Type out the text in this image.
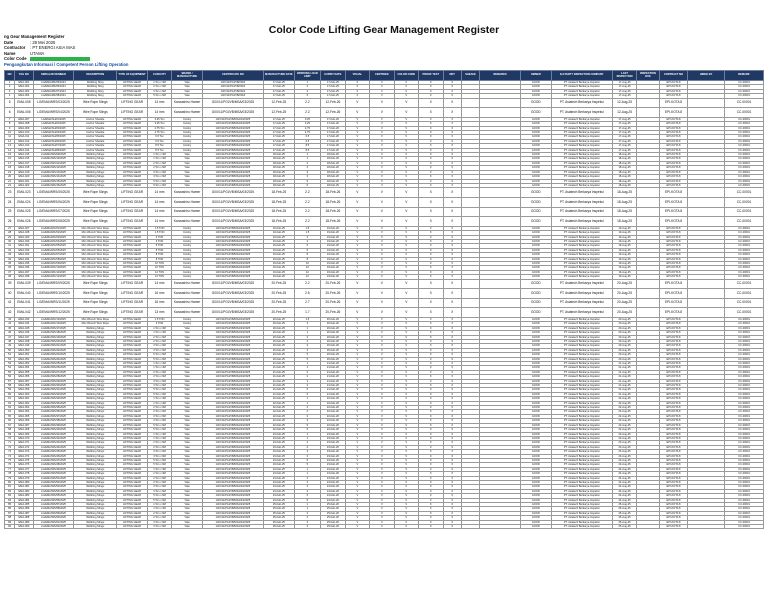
Color Code Lifting Gear Management Register
ng Gear Management Register
Date	: 28 Mei 2025
Contractor Name
: PT ENERGI ASIA MAS UTAMA
Color Code
Pengangkutan Informasi / Competent Person Lifting Operation
NO	TAG NO	SERIAL/ID NUMBER	DESCRIPTION	TYPE OF EQUIPMENT	CAPACITY	BRAND / MANUFACTURE	CERTIFICATE NO	MANUFACTURE DATE	WORKING LOAD LIMIT	EXPIRY DATE	VISUAL	CERTIFIED	COLOR CODE	PROOF TEST	NDT	SHEAVE	REMARKS	OWNER	3rd PARTY INSPECTION COMPANY	LAST INSPECTION	INSPECTION DUE	CONTRACT NO	HIRED BY	REMARK
1	EMA-001	LG/EMA/MK/05/2024	Webbing Sling	LIFTING GEAR	1 Ton x 3M	Yoke	G0X/11/PGI/VB/2024	17-Feb-25	1	17-Feb-25	X	V	V	X	X			GOOD	PT. Asiatech Berkarya Inspeksi	17-Aug-25		EPI-KOTA 8		CC-00001
2	EMA-002	LG/EMA/MK/06/2024	Webbing Sling	LIFTING GEAR	2 Ton x 6M	Yoke	G0X/11/PGI/VB/2024	17-Feb-25	2	17-Feb-25	X	V	V	X	X			GOOD	PT. Asiatech Berkarya Inspeksi	17-Aug-25		EPI-KOTA 8		CC-00001
3	EMA-003	LG/EMA/MK/07/2024	Webbing Sling	LIFTING GEAR	3 Ton x 6M	Yoke	G0X/11/PGI/VB/2024	17-Feb-25	3	17-Feb-25	X	V	V	X	X			GOOD	PT. Asiatech Berkarya Inspeksi	17-Aug-25		EPI-KOTA 8		CC-00001
4	EMA-004	LG/EMA/MK/08/2024	Webbing Sling	LIFTING GEAR	5 Ton x 6M	Yoke	G0X/11/PGI/VB/2024	17-Feb-25	5	17-Feb-25	X	V	V	X	X			GOOD	PT. Asiatech Berkarya Inspeksi	17-Aug-25		EPI-KOTA 8		CC-00001
5	EMA-005	LG/EMA/WRS/03/2025	Wire Rope Slings	LIFTING GEAR	14 mm	Kanzashiro Hamer	G0X/11/PGI/VB/MSA/03/2025	12-Feb-25	2.2	12-Feb-26	V	V	V	X	X			GOOD	PT. Asiatech Berkarya Inspeksi	12-Aug-25		EPI-KOTA 8		CC-00001
6	EMA-006	LG/EMA/WRS/04/2025	Wire Rope Slings	LIFTING GEAR	14 mm	Kanzashiro Hamer	G0X/11/PGI/VB/MSA/03/2025	12-Feb-25	2.2	12-Feb-26	V	V	V	X	X			GOOD	PT. Asiatech Berkarya Inspeksi	12-Aug-25		EPI-KOTA 8		CC-00001
7	EMA-007	LG/EMA/SH/01/2025	Anchor Shackle	LIFTING GEAR	3.25 Ton	Crosby	G0X/11/PGI/VB/MSA/03/2025	17-Feb-25	3.25	17-Feb-26	V	V	V	X	X			GOOD	PT. Asiatech Berkarya Inspeksi	17-Aug-25		EPI-KOTA 8		CC-00001
8	EMA-008	LG/EMA/SH/02/2025	Anchor Shackle	LIFTING GEAR	3.25 Ton	Crosby	G0X/11/PGI/VB/MSA/03/2025	17-Feb-25	3.25	17-Feb-26	V	V	V	X	X			GOOD	PT. Asiatech Berkarya Inspeksi	17-Aug-25		EPI-KOTA 8		CC-00001
9	EMA-009	LG/EMA/SH/03/2025	Anchor Shackle	LIFTING GEAR	4.75 Ton	Crosby	G0X/11/PGI/VB/MSA/03/2025	17-Feb-25	4.75	17-Feb-26	V	V	V	X	X			GOOD	PT. Asiatech Berkarya Inspeksi	17-Aug-25		EPI-KOTA 8		CC-00001
10	EMA-010	LG/EMA/SH/04/2025	Anchor Shackle	LIFTING GEAR	4.75 Ton	Crosby	G0X/11/PGI/VB/MSA/03/2025	17-Feb-25	4.75	17-Feb-26	V	V	V	X	X			GOOD	PT. Asiatech Berkarya Inspeksi	17-Aug-25		EPI-KOTA 8		CC-00001
11	EMA-011	LG/EMA/SH/05/2025	Anchor Shackle	LIFTING GEAR	6.5 Ton	Crosby	G0X/11/PGI/VB/MSA/03/2025	17-Feb-25	6.5	17-Feb-26	V	V	V	X	X			GOOD	PT. Asiatech Berkarya Inspeksi	17-Aug-25		EPI-KOTA 8		CC-00001
12	EMA-012	LG/EMA/SH/06/2025	Anchor Shackle	LIFTING GEAR	6.5 Ton	Crosby	G0X/11/PGI/VB/MSA/03/2025	17-Feb-25	6.5	17-Feb-26	V	V	V	X	X			GOOD	PT. Asiatech Berkarya Inspeksi	17-Aug-25		EPI-KOTA 8		CC-00001
13	EMA-013	LG/EMA/SH/07/2025	Anchor Shackle	LIFTING GEAR	8.5 Ton	Crosby	G0X/11/PGI/VB/MSA/03/2025	17-Feb-25	8.5	17-Feb-26	V	V	V	X	X			GOOD	PT. Asiatech Berkarya Inspeksi	17-Aug-25		EPI-KOTA 8		CC-00001
14	EMA-014	LG/EMA/SH/08/2025	Anchor Shackle	LIFTING GEAR	8.5 Ton	Crosby	G0X/11/PGI/VB/MSA/03/2025	17-Feb-25	8.5	17-Feb-26	V	V	V	X	X			GOOD	PT. Asiatech Berkarya Inspeksi	17-Aug-25		EPI-KOTA 8		CC-00001
15	EMA-015	LG/EMA/WS/09/2025	Webbing Slings	LIFTING GEAR	1 Ton x 3M	Yoke	G0X/11/PGI/VB/MSA/03/2025	18-Feb-25	1	18-Feb-26	V	V	V	X	X			GOOD	PT. Asiatech Berkarya Inspeksi	18-Aug-25		EPI-KOTA 8		CC-00001
16	EMA-016	LG/EMA/WS/10/2025	Webbing Slings	LIFTING GEAR	1 Ton x 3M	Yoke	G0X/11/PGI/VB/MSA/03/2025	18-Feb-25	1	18-Feb-26	V	V	V	X	X			GOOD	PT. Asiatech Berkarya Inspeksi	18-Aug-25		EPI-KOTA 8		CC-00001
17	EMA-017	LG/EMA/WS/11/2025	Webbing Slings	LIFTING GEAR	2 Ton x 6M	Yoke	G0X/11/PGI/VB/MSA/03/2025	18-Feb-25	2	18-Feb-26	V	V	V	X	X			GOOD	PT. Asiatech Berkarya Inspeksi	18-Aug-25		EPI-KOTA 8		CC-00001
18	EMA-018	LG/EMA/WS/12/2025	Webbing Slings	LIFTING GEAR	2 Ton x 6M	Yoke	G0X/11/PGI/VB/MSA/03/2025	18-Feb-25	2	18-Feb-26	V	V	V	X	X			GOOD	PT. Asiatech Berkarya Inspeksi	18-Aug-25		EPI-KOTA 8		CC-00001
19	EMA-019	LG/EMA/WS/13/2025	Webbing Slings	LIFTING GEAR	3 Ton x 6M	Yoke	G0X/11/PGI/VB/MSA/03/2025	18-Feb-25	3	18-Feb-26	V	V	V	X	X			GOOD	PT. Asiatech Berkarya Inspeksi	18-Aug-25		EPI-KOTA 8		CC-00001
20	EMA-020	LG/EMA/WS/14/2025	Webbing Slings	LIFTING GEAR	3 Ton x 6M	Yoke	G0X/11/PGI/VB/MSA/03/2025	18-Feb-25	3	18-Feb-26	V	V	V	X	X			GOOD	PT. Asiatech Berkarya Inspeksi	18-Aug-25		EPI-KOTA 8		CC-00001
21	EMA-021	LG/EMA/WS/15/2025	Webbing Slings	LIFTING GEAR	5 Ton x 6M	Yoke	G0X/11/PGI/VB/MSA/03/2025	18-Feb-25	5	18-Feb-26	V	V	V	X	X			GOOD	PT. Asiatech Berkarya Inspeksi	18-Aug-25		EPI-KOTA 8		CC-00001
22	EMA-022	LG/EMA/WS/16/2025	Webbing Slings	LIFTING GEAR	5 Ton x 6M	Yoke	G0X/11/PGI/VB/MSA/03/2025	18-Feb-25	5	18-Feb-26	V	V	V	X	X			GOOD	PT. Asiatech Berkarya Inspeksi	18-Aug-25		EPI-KOTA 8		CC-00001
23	EMA-023	LG/EMA/WRS/05/2025	Wire Rope Slings	LIFTING GEAR	14 mm	Kanzashiro Hamer	G0X/11/PGI/VB/MSA/03/2025	18-Feb-25	2.2	18-Feb-26	V	V	V	X	X			GOOD	PT. Asiatech Berkarya Inspeksi	18-Aug-25		EPI-KOTA 8		CC-00001
24	EMA-024	LG/EMA/WRS/06/2025	Wire Rope Slings	LIFTING GEAR	14 mm	Kanzashiro Hamer	G0X/11/PGI/VB/MSA/03/2025	18-Feb-25	2.2	18-Feb-26	V	V	V	X	X			GOOD	PT. Asiatech Berkarya Inspeksi	18-Aug-25		EPI-KOTA 8		CC-00001
25	EMA-025	LG/EMA/WRS/07/2025	Wire Rope Slings	LIFTING GEAR	14 mm	Kanzashiro Hamer	G0X/11/PGI/VB/MSA/03/2025	18-Feb-25	2.2	18-Feb-26	V	V	V	X	X			GOOD	PT. Asiatech Berkarya Inspeksi	18-Aug-25		EPI-KOTA 8		CC-00001
26	EMA-026	LG/EMA/WRS/08/2025	Wire Rope Slings	LIFTING GEAR	14 mm	Kanzashiro Hamer	G0X/11/PGI/VB/MSA/03/2025	18-Feb-25	2.2	18-Feb-26	V	V	V	X	X			GOOD	PT. Asiatech Berkarya Inspeksi	18-Aug-25		EPI-KOTA 8		CC-00001
27	EMA-027	LG/EMA/MC/01/2025	Mini Wrench Wire Rope	LIFTING GEAR	1.5 TON	Crosby	G0X/11/PGI/VB/MSA/03/2025	19-Feb-25	1.5	19-Feb-26	V	V	V	X	X			GOOD	PT. Asiatech Berkarya Inspeksi	19-Aug-25		EPI-KOTA 8		CC-00001
28	EMA-028	LG/EMA/MC/02/2025	Mini Wrench Wire Rope	LIFTING GEAR	1.5 TON	Crosby	G0X/11/PGI/VB/MSA/03/2025	19-Feb-25	1.5	19-Feb-26	V	V	V	X	X			GOOD	PT. Asiatech Berkarya Inspeksi	19-Aug-25		EPI-KOTA 8		CC-00001
29	EMA-029	LG/EMA/MC/03/2025	Mini Wrench Wire Rope	LIFTING GEAR	3 TON	Crosby	G0X/11/PGI/VB/MSA/03/2025	19-Feb-25	3	19-Feb-26	V	V	V	X	X			GOOD	PT. Asiatech Berkarya Inspeksi	19-Aug-25		EPI-KOTA 8		CC-00001
30	EMA-030	LG/EMA/MC/04/2025	Mini Wrench Wire Rope	LIFTING GEAR	3 TON	Crosby	G0X/11/PGI/VB/MSA/03/2025	19-Feb-25	3	19-Feb-26	V	V	V	X	X			GOOD	PT. Asiatech Berkarya Inspeksi	19-Aug-25		EPI-KOTA 8		CC-00001
31	EMA-031	LG/EMA/MC/05/2025	Mini Wrench Wire Rope	LIFTING GEAR	5 TON	Crosby	G0X/11/PGI/VB/MSA/03/2025	19-Feb-25	5	19-Feb-26	V	V	V	X	X			GOOD	PT. Asiatech Berkarya Inspeksi	19-Aug-25		EPI-KOTA 8		CC-00001
32	EMA-032	LG/EMA/MC/06/2025	Mini Wrench Wire Rope	LIFTING GEAR	5 TON	Crosby	G0X/11/PGI/VB/MSA/03/2025	19-Feb-25	5	19-Feb-26	V	V	V	X	X			GOOD	PT. Asiatech Berkarya Inspeksi	19-Aug-25		EPI-KOTA 8		CC-00001
33	EMA-033	LG/EMA/MC/07/2025	Mini Wrench Wire Rope	LIFTING GEAR	8 TON	Crosby	G0X/11/PGI/VB/MSA/03/2025	19-Feb-25	8	19-Feb-26	V	V	V	X	X			GOOD	PT. Asiatech Berkarya Inspeksi	19-Aug-25		EPI-KOTA 8		CC-00001
34	EMA-034	LG/EMA/MC/08/2025	Mini Wrench Wire Rope	LIFTING GEAR	8 TON	Crosby	G0X/11/PGI/VB/MSA/03/2025	19-Feb-25	8	19-Feb-26	V	V	V	X	X			GOOD	PT. Asiatech Berkarya Inspeksi	19-Aug-25		EPI-KOTA 8		CC-00001
35	EMA-035	LG/EMA/MC/09/2025	Mini Wrench Wire Rope	LIFTING GEAR	10 TON	Crosby	G0X/11/PGI/VB/MSA/03/2025	19-Feb-25	10	19-Feb-26	V	V	V	X	X			GOOD	PT. Asiatech Berkarya Inspeksi	19-Aug-25		EPI-KOTA 8		CC-00001
36	EMA-036	LG/EMA/MC/10/2025	Mini Wrench Wire Rope	LIFTING GEAR	10 TON	Crosby	G0X/11/PGI/VB/MSA/03/2025	19-Feb-25	10	19-Feb-26	V	V	V	X	X			GOOD	PT. Asiatech Berkarya Inspeksi	19-Aug-25		EPI-KOTA 8		CC-00001
37	EMA-037	LG/EMA/MC/11/2025	Mini Wrench Wire Rope	LIFTING GEAR	12 TON	Crosby	G0X/11/PGI/VB/MSA/03/2025	19-Feb-25	12	19-Feb-26	V	V	V	X	X			GOOD	PT. Asiatech Berkarya Inspeksi	19-Aug-25		EPI-KOTA 8		CC-00001
38	EMA-038	LG/EMA/MC/12/2025	Mini Wrench Wire Rope	LIFTING GEAR	12 TON	Crosby	G0X/11/PGI/VB/MSA/03/2025	19-Feb-25	12	19-Feb-26	V	V	V	X	X			GOOD	PT. Asiatech Berkarya Inspeksi	19-Aug-25		EPI-KOTA 8		CC-00001
39	EMA-039	LG/EMA/WRS/09/2025	Wire Rope Slings	LIFTING GEAR	14 mm	Kanzashiro Hamer	G0X/11/PGI/VB/MSA/03/2025	20-Feb-25	2.2	20-Feb-26	V	V	V	X	X			GOOD	PT. Asiatech Berkarya Inspeksi	20-Aug-25		EPI-KOTA 8		CC-00001
40	EMA-040	LG/EMA/WRS/10/2025	Wire Rope Slings	LIFTING GEAR	16 mm	Kanzashiro Hamer	G0X/11/PGI/VB/MSA/03/2025	20-Feb-25	2.6	20-Feb-26	V	V	V	X	X			GOOD	PT. Asiatech Berkarya Inspeksi	20-Aug-25		EPI-KOTA 8		CC-00001
41	EMA-041	LG/EMA/WRS/11/2025	Wire Rope Slings	LIFTING GEAR	16 mm	Kanzashiro Hamer	G0X/11/PGI/VB/MSA/03/2025	20-Feb-25	2.7	20-Feb-26	V	V	V	X	X			GOOD	PT. Asiatech Berkarya Inspeksi	20-Aug-25		EPI-KOTA 8		CC-00001
42	EMA-042	LG/EMA/WRS/12/2025	Wire Rope Slings	LIFTING GEAR	13 mm	Kanzashiro Hamer	G0X/11/PGI/VB/MSA/03/2025	20-Feb-25	1.7	20-Feb-26	V	V	V	X	X			GOOD	PT. Asiatech Berkarya Inspeksi	20-Aug-25		EPI-KOTA 8		CC-00001
43	EMA-043	LG/EMA/MC/13/2025	Mini Wrench Wire Rope	LIFTING GEAR	1.5 TON	Crosby	G0X/11/PGI/VB/MSA/03/2025	20-Feb-25	1.5	20-Feb-26	V	V	V	X	X			GOOD	PT. Asiatech Berkarya Inspeksi	20-Aug-25		EPI-KOTA 8		CC-00001
44	EMA-044	LG/EMA/MC/14/2025	Mini Wrench Wire Rope	LIFTING GEAR	3 TON	Crosby	G0X/11/PGI/VB/MSA/03/2025	20-Feb-25	3	20-Feb-26	V	V	V	X	X			GOOD	PT. Asiatech Berkarya Inspeksi	20-Aug-25		EPI-KOTA 8		CC-00001
45	EMA-045	LG/EMA/WS/17/2025	Webbing Slings	LIFTING GEAR	1 Ton x 3M	Yoke	G0X/11/PGI/VB/MSA/03/2025	20-Feb-25	1	20-Feb-26	V	V	V	X	X			GOOD	PT. Asiatech Berkarya Inspeksi	20-Aug-25		EPI-KOTA 8		CC-00001
46	EMA-046	LG/EMA/WS/18/2025	Webbing Slings	LIFTING GEAR	1 Ton x 3M	Yoke	G0X/11/PGI/VB/MSA/03/2025	20-Feb-25	1	20-Feb-26	V	V	V	X	X			GOOD	PT. Asiatech Berkarya Inspeksi	20-Aug-25		EPI-KOTA 8		CC-00001
47	EMA-047	LG/EMA/WS/19/2025	Webbing Slings	LIFTING GEAR	2 Ton x 6M	Yoke	G0X/11/PGI/VB/MSA/03/2025	20-Feb-25	2	20-Feb-26	V	V	V	X	X			GOOD	PT. Asiatech Berkarya Inspeksi	20-Aug-25		EPI-KOTA 8		CC-00001
48	EMA-048	LG/EMA/WS/20/2025	Webbing Slings	LIFTING GEAR	2 Ton x 6M	Yoke	G0X/11/PGI/VB/MSA/03/2025	20-Feb-25	2	20-Feb-26	V	V	V	X	X			GOOD	PT. Asiatech Berkarya Inspeksi	20-Aug-25		EPI-KOTA 8		CC-00001
49	EMA-049	LG/EMA/WS/21/2025	Webbing Slings	LIFTING GEAR	3 Ton x 6M	Yoke	G0X/11/PGI/VB/MSA/03/2025	20-Feb-25	3	20-Feb-26	V	V	V	X	X			GOOD	PT. Asiatech Berkarya Inspeksi	20-Aug-25		EPI-KOTA 8		CC-00001
50	EMA-050	LG/EMA/WS/22/2025	Webbing Slings	LIFTING GEAR	3 Ton x 6M	Yoke	G0X/11/PGI/VB/MSA/03/2025	20-Feb-25	3	20-Feb-26	V	V	V	X	X			GOOD	PT. Asiatech Berkarya Inspeksi	20-Aug-25		EPI-KOTA 8		CC-00001
51	EMA-051	LG/EMA/WS/23/2025	Webbing Slings	LIFTING GEAR	5 Ton x 6M	Yoke	G0X/11/PGI/VB/MSA/03/2025	20-Feb-25	5	20-Feb-26	V	V	V	X	X			GOOD	PT. Asiatech Berkarya Inspeksi	20-Aug-25		EPI-KOTA 8		CC-00001
52	EMA-052	LG/EMA/WS/24/2025	Webbing Slings	LIFTING GEAR	5 Ton x 6M	Yoke	G0X/11/PGI/VB/MSA/03/2025	20-Feb-25	5	20-Feb-26	V	V	V	X	X			GOOD	PT. Asiatech Berkarya Inspeksi	20-Aug-25		EPI-KOTA 8		CC-00001
53	EMA-053	LG/EMA/WS/25/2025	Webbing Slings	LIFTING GEAR	1 Ton x 3M	Yoke	G0X/11/PGI/VB/MSA/03/2025	21-Feb-25	1	21-Feb-26	V	V	V	X	X			GOOD	PT. Asiatech Berkarya Inspeksi	21-Aug-25		EPI-KOTA 8		CC-00001
54	EMA-054	LG/EMA/WS/26/2025	Webbing Slings	LIFTING GEAR	1 Ton x 3M	Yoke	G0X/11/PGI/VB/MSA/03/2025	21-Feb-25	1	21-Feb-26	V	V	V	X	X			GOOD	PT. Asiatech Berkarya Inspeksi	21-Aug-25		EPI-KOTA 8		CC-00001
55	EMA-055	LG/EMA/WS/27/2025	Webbing Slings	LIFTING GEAR	2 Ton x 6M	Yoke	G0X/11/PGI/VB/MSA/03/2025	21-Feb-25	2	21-Feb-26	V	V	V	X	X			GOOD	PT. Asiatech Berkarya Inspeksi	21-Aug-25		EPI-KOTA 8		CC-00001
56	EMA-056	LG/EMA/WS/28/2025	Webbing Slings	LIFTING GEAR	2 Ton x 6M	Yoke	G0X/11/PGI/VB/MSA/03/2025	21-Feb-25	2	21-Feb-26	V	V	V	X	X			GOOD	PT. Asiatech Berkarya Inspeksi	21-Aug-25		EPI-KOTA 8		CC-00001
57	EMA-057	LG/EMA/WS/29/2025	Webbing Slings	LIFTING GEAR	3 Ton x 6M	Yoke	G0X/11/PGI/VB/MSA/03/2025	21-Feb-25	3	21-Feb-26	V	V	V	X	X			GOOD	PT. Asiatech Berkarya Inspeksi	21-Aug-25		EPI-KOTA 8		CC-00001
58	EMA-058	LG/EMA/WS/30/2025	Webbing Slings	LIFTING GEAR	3 Ton x 6M	Yoke	G0X/11/PGI/VB/MSA/03/2025	21-Feb-25	3	21-Feb-26	V	V	V	X	X			GOOD	PT. Asiatech Berkarya Inspeksi	21-Aug-25		EPI-KOTA 8		CC-00001
59	EMA-059	LG/EMA/WS/31/2025	Webbing Slings	LIFTING GEAR	5 Ton x 6M	Yoke	G0X/11/PGI/VB/MSA/03/2025	21-Feb-25	5	21-Feb-26	V	V	V	X	X			GOOD	PT. Asiatech Berkarya Inspeksi	21-Aug-25		EPI-KOTA 8		CC-00001
60	EMA-060	LG/EMA/WS/32/2025	Webbing Slings	LIFTING GEAR	5 Ton x 6M	Yoke	G0X/11/PGI/VB/MSA/03/2025	21-Feb-25	5	21-Feb-26	V	V	V	X	X			GOOD	PT. Asiatech Berkarya Inspeksi	21-Aug-25		EPI-KOTA 8		CC-00001
61	EMA-061	LG/EMA/WS/33/2025	Webbing Slings	LIFTING GEAR	1 Ton x 3M	Yoke	G0X/11/PGI/VB/MSA/03/2025	22-Feb-25	1	22-Feb-26	V	V	V	X	X			GOOD	PT. Asiatech Berkarya Inspeksi	22-Aug-25		EPI-KOTA 8		CC-00001
62	EMA-062	LG/EMA/WS/34/2025	Webbing Slings	LIFTING GEAR	1 Ton x 3M	Yoke	G0X/11/PGI/VB/MSA/03/2025	22-Feb-25	1	22-Feb-26	V	V	V	X	X			GOOD	PT. Asiatech Berkarya Inspeksi	22-Aug-25		EPI-KOTA 8		CC-00001
63	EMA-063	LG/EMA/WS/35/2025	Webbing Slings	LIFTING GEAR	2 Ton x 6M	Yoke	G0X/11/PGI/VB/MSA/03/2025	22-Feb-25	2	22-Feb-26	V	V	V	X	X			GOOD	PT. Asiatech Berkarya Inspeksi	22-Aug-25		EPI-KOTA 8		CC-00001
64	EMA-064	LG/EMA/WS/36/2025	Webbing Slings	LIFTING GEAR	2 Ton x 6M	Yoke	G0X/11/PGI/VB/MSA/03/2025	22-Feb-25	2	22-Feb-26	V	V	V	X	X			GOOD	PT. Asiatech Berkarya Inspeksi	22-Aug-25		EPI-KOTA 8		CC-00001
65	EMA-065	LG/EMA/WS/37/2025	Webbing Slings	LIFTING GEAR	3 Ton x 6M	Yoke	G0X/11/PGI/VB/MSA/03/2025	22-Feb-25	3	22-Feb-26	V	V	V	X	X			GOOD	PT. Asiatech Berkarya Inspeksi	22-Aug-25		EPI-KOTA 8		CC-00001
66	EMA-066	LG/EMA/WS/38/2025	Webbing Slings	LIFTING GEAR	3 Ton x 6M	Yoke	G0X/11/PGI/VB/MSA/03/2025	22-Feb-25	3	22-Feb-26	V	V	V	X	X			GOOD	PT. Asiatech Berkarya Inspeksi	22-Aug-25		EPI-KOTA 8		CC-00001
67	EMA-067	LG/EMA/WS/39/2025	Webbing Slings	LIFTING GEAR	5 Ton x 6M	Yoke	G0X/11/PGI/VB/MSA/03/2025	22-Feb-25	5	22-Feb-26	V	V	V	X	X			GOOD	PT. Asiatech Berkarya Inspeksi	22-Aug-25		EPI-KOTA 8		CC-00001
68	EMA-068	LG/EMA/WS/40/2025	Webbing Slings	LIFTING GEAR	5 Ton x 6M	Yoke	G0X/11/PGI/VB/MSA/03/2025	22-Feb-25	5	22-Feb-26	V	V	V	X	X			GOOD	PT. Asiatech Berkarya Inspeksi	22-Aug-25		EPI-KOTA 8		CC-00001
69	EMA-069	LG/EMA/WS/41/2025	Webbing Slings	LIFTING GEAR	1 Ton x 3M	Yoke	G0X/11/PGI/VB/MSA/03/2025	23-Feb-25	1	23-Feb-26	V	V	V	X	X			GOOD	PT. Asiatech Berkarya Inspeksi	23-Aug-25		EPI-KOTA 8		CC-00001
70	EMA-070	LG/EMA/WS/42/2025	Webbing Slings	LIFTING GEAR	1 Ton x 3M	Yoke	G0X/11/PGI/VB/MSA/03/2025	23-Feb-25	1	23-Feb-26	V	V	V	X	X			GOOD	PT. Asiatech Berkarya Inspeksi	23-Aug-25		EPI-KOTA 8		CC-00001
71	EMA-071	LG/EMA/WS/43/2025	Webbing Slings	LIFTING GEAR	2 Ton x 6M	Yoke	G0X/11/PGI/VB/MSA/03/2025	23-Feb-25	2	23-Feb-26	V	V	V	X	X			GOOD	PT. Asiatech Berkarya Inspeksi	23-Aug-25		EPI-KOTA 8		CC-00001
72	EMA-072	LG/EMA/WS/44/2025	Webbing Slings	LIFTING GEAR	2 Ton x 6M	Yoke	G0X/11/PGI/VB/MSA/03/2025	23-Feb-25	2	23-Feb-26	V	V	V	X	X			GOOD	PT. Asiatech Berkarya Inspeksi	23-Aug-25		EPI-KOTA 8		CC-00001
73	EMA-073	LG/EMA/WS/45/2025	Webbing Slings	LIFTING GEAR	3 Ton x 6M	Yoke	G0X/11/PGI/VB/MSA/03/2025	23-Feb-25	3	23-Feb-26	V	V	V	X	X			GOOD	PT. Asiatech Berkarya Inspeksi	23-Aug-25		EPI-KOTA 8		CC-00001
74	EMA-074	LG/EMA/WS/46/2025	Webbing Slings	LIFTING GEAR	3 Ton x 6M	Yoke	G0X/11/PGI/VB/MSA/03/2025	23-Feb-25	3	23-Feb-26	V	V	V	X	X			GOOD	PT. Asiatech Berkarya Inspeksi	23-Aug-25		EPI-KOTA 8		CC-00001
75	EMA-075	LG/EMA/WS/47/2025	Webbing Slings	LIFTING GEAR	5 Ton x 6M	Yoke	G0X/11/PGI/VB/MSA/03/2025	23-Feb-25	5	23-Feb-26	V	V	V	X	X			GOOD	PT. Asiatech Berkarya Inspeksi	23-Aug-25		EPI-KOTA 8		CC-00001
76	EMA-076	LG/EMA/WS/48/2025	Webbing Slings	LIFTING GEAR	5 Ton x 6M	Yoke	G0X/11/PGI/VB/MSA/03/2025	23-Feb-25	5	23-Feb-26	V	V	V	X	X			GOOD	PT. Asiatech Berkarya Inspeksi	23-Aug-25		EPI-KOTA 8		CC-00001
77	EMA-077	LG/EMA/WS/49/2025	Webbing Slings	LIFTING GEAR	1 Ton x 3M	Yoke	G0X/11/PGI/VB/MSA/03/2025	24-Feb-25	1	24-Feb-26	V	V	V	X	X			GOOD	PT. Asiatech Berkarya Inspeksi	24-Aug-25		EPI-KOTA 8		CC-00001
78	EMA-078	LG/EMA/WS/50/2025	Webbing Slings	LIFTING GEAR	1 Ton x 3M	Yoke	G0X/11/PGI/VB/MSA/03/2025	24-Feb-25	1	24-Feb-26	V	V	V	X	X			GOOD	PT. Asiatech Berkarya Inspeksi	24-Aug-25		EPI-KOTA 8		CC-00001
79	EMA-079	LG/EMA/WS/51/2025	Webbing Slings	LIFTING GEAR	2 Ton x 6M	Yoke	G0X/11/PGI/VB/MSA/03/2025	24-Feb-25	2	24-Feb-26	V	V	V	X	X			GOOD	PT. Asiatech Berkarya Inspeksi	24-Aug-25		EPI-KOTA 8		CC-00001
80	EMA-080	LG/EMA/WS/52/2025	Webbing Slings	LIFTING GEAR	2 Ton x 6M	Yoke	G0X/11/PGI/VB/MSA/03/2025	24-Feb-25	2	24-Feb-26	V	V	V	X	X			GOOD	PT. Asiatech Berkarya Inspeksi	24-Aug-25		EPI-KOTA 8		CC-00001
81	EMA-081	LG/EMA/WS/53/2025	Webbing Slings	LIFTING GEAR	3 Ton x 6M	Yoke	G0X/11/PGI/VB/MSA/03/2025	24-Feb-25	3	24-Feb-26	V	V	V	X	X			GOOD	PT. Asiatech Berkarya Inspeksi	24-Aug-25		EPI-KOTA 8		CC-00001
82	EMA-082	LG/EMA/WS/54/2025	Webbing Slings	LIFTING GEAR	3 Ton x 6M	Yoke	G0X/11/PGI/VB/MSA/03/2025	24-Feb-25	3	24-Feb-26	V	V	V	X	X			GOOD	PT. Asiatech Berkarya Inspeksi	24-Aug-25		EPI-KOTA 8		CC-00001
83	EMA-083	LG/EMA/WS/55/2025	Webbing Slings	LIFTING GEAR	5 Ton x 6M	Yoke	G0X/11/PGI/VB/MSA/03/2025	24-Feb-25	5	24-Feb-26	V	V	V	X	X			GOOD	PT. Asiatech Berkarya Inspeksi	24-Aug-25		EPI-KOTA 8		CC-00001
84	EMA-084	LG/EMA/WS/56/2025	Webbing Slings	LIFTING GEAR	5 Ton x 6M	Yoke	G0X/11/PGI/VB/MSA/03/2025	24-Feb-25	5	24-Feb-26	V	V	V	X	X			GOOD	PT. Asiatech Berkarya Inspeksi	24-Aug-25		EPI-KOTA 8		CC-00001
85	EMA-085	LG/EMA/WS/57/2025	Webbing Slings	LIFTING GEAR	1 Ton x 3M	Yoke	G0X/11/PGI/VB/MSA/03/2025	25-Feb-25	1	25-Feb-26	V	V	V	X	X			GOOD	PT. Asiatech Berkarya Inspeksi	25-Aug-25		EPI-KOTA 8		CC-00001
86	EMA-086	LG/EMA/WS/58/2025	Webbing Slings	LIFTING GEAR	1 Ton x 3M	Yoke	G0X/11/PGI/VB/MSA/03/2025	25-Feb-25	1	25-Feb-26	V	V	V	X	X			GOOD	PT. Asiatech Berkarya Inspeksi	25-Aug-25		EPI-KOTA 8		CC-00001
87	EMA-087	LG/EMA/WS/59/2025	Webbing Slings	LIFTING GEAR	2 Ton x 6M	Yoke	G0X/11/PGI/VB/MSA/03/2025	25-Feb-25	2	25-Feb-26	V	V	V	X	X			GOOD	PT. Asiatech Berkarya Inspeksi	25-Aug-25		EPI-KOTA 8		CC-00001
88	EMA-088	LG/EMA/WS/60/2025	Webbing Slings	LIFTING GEAR	2 Ton x 6M	Yoke	G0X/11/PGI/VB/MSA/03/2025	25-Feb-25	2	25-Feb-26	V	V	V	X	X			GOOD	PT. Asiatech Berkarya Inspeksi	25-Aug-25		EPI-KOTA 8		CC-00001
89	EMA-089	LG/EMA/WS/61/2025	Webbing Slings	LIFTING GEAR	3 Ton x 6M	Yoke	G0X/11/PGI/VB/MSA/03/2025	25-Feb-25	3	25-Feb-26	V	V	V	X	X			GOOD	PT. Asiatech Berkarya Inspeksi	25-Aug-25		EPI-KOTA 8		CC-00001
90	EMA-090	LG/EMA/WS/62/2025	Webbing Slings	LIFTING GEAR	3 Ton x 6M	Yoke	G0X/11/PGI/VB/MSA/03/2025	25-Feb-25	3	25-Feb-26	V	V	V	X	X			GOOD	PT. Asiatech Berkarya Inspeksi	25-Aug-25		EPI-KOTA 8		CC-00001
